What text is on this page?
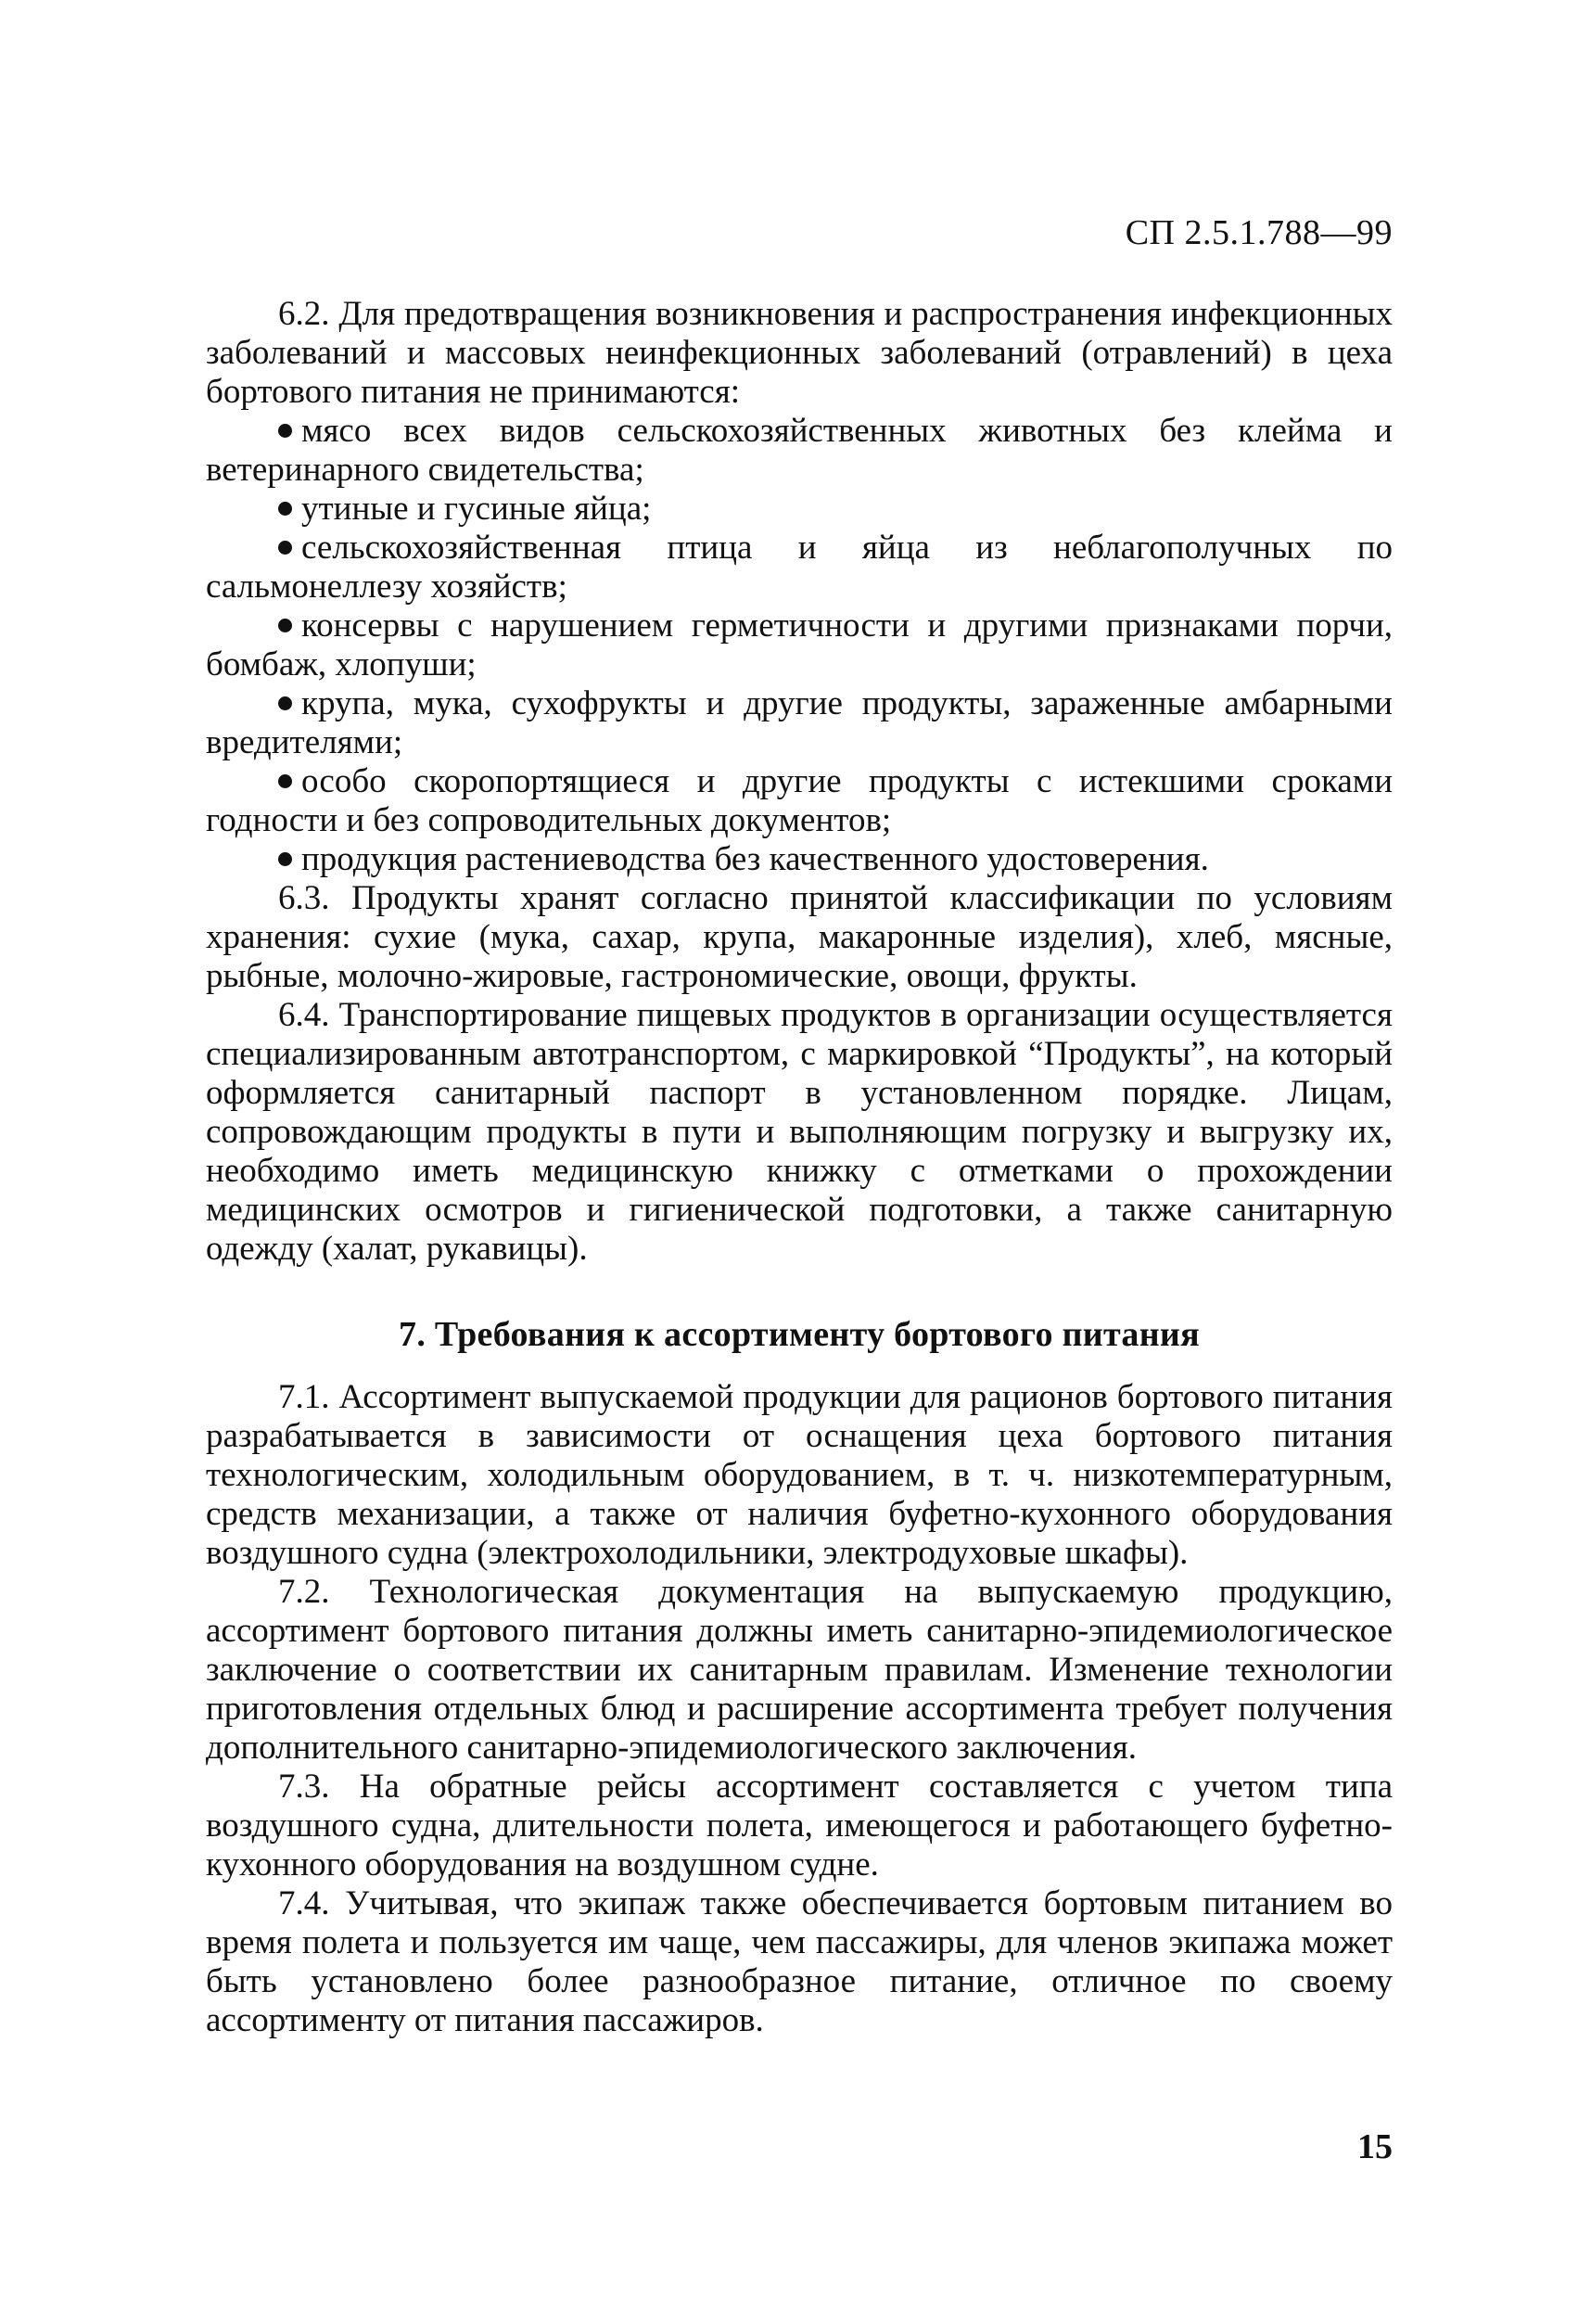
СП 2.5.1.788—99

6.2. Для предотвращения возникновения и распространения инфекционных заболеваний и массовых неинфекционных заболеваний (отравлений) в цеха бортового питания не принимаются:

мясо всех видов сельскохозяйственных животных без клейма и ветеринарного свидетельства;

утиные и гусиные яйца;

сельскохозяйственная птица и яйца из неблагополучных по сальмонеллезу хозяйств;

консервы с нарушением герметичности и другими признаками порчи, бомбаж, хлопуши;

крупа, мука, сухофрукты и другие продукты, зараженные амбарными вредителями;

особо скоропортящиеся и другие продукты с истекшими сроками годности и без сопроводительных документов;

продукция растениеводства без качественного удостоверения.

6.3. Продукты хранят согласно принятой классификации по условиям хранения: сухие (мука, сахар, крупа, макаронные изделия), хлеб, мясные, рыбные, молочно-жировые, гастрономические, овощи, фрукты.

6.4. Транспортирование пищевых продуктов в организации осуществляется специализированным автотранспортом, с маркировкой “Продукты”, на который оформляется санитарный паспорт в установленном порядке. Лицам, сопровождающим продукты в пути и выполняющим погрузку и выгрузку их, необходимо иметь медицинскую книжку с отметками о прохождении медицинских осмотров и гигиенической подготовки, а также санитарную одежду (халат, рукавицы).

7. Требования к ассортименту бортового питания

7.1. Ассортимент выпускаемой продукции для рационов бортового питания разрабатывается в зависимости от оснащения цеха бортового питания технологическим, холодильным оборудованием, в т. ч. низкотемпературным, средств механизации, а также от наличия буфетно-кухонного оборудования воздушного судна (электрохолодильники, электродуховые шкафы).

7.2. Технологическая документация на выпускаемую продукцию, ассортимент бортового питания должны иметь санитарно-эпидемиологическое заключение о соответствии их санитарным правилам. Изменение технологии приготовления отдельных блюд и расширение ассортимента требует получения дополнительного санитарно-эпидемиологического заключения.

7.3. На обратные рейсы ассортимент составляется с учетом типа воздушного судна, длительности полета, имеющегося и работающего буфетно-кухонного оборудования на воздушном судне.

7.4. Учитывая, что экипаж также обеспечивается бортовым питанием во время полета и пользуется им чаще, чем пассажиры, для членов экипажа может быть установлено более разнообразное питание, отличное по своему ассортименту от питания пассажиров.

15
